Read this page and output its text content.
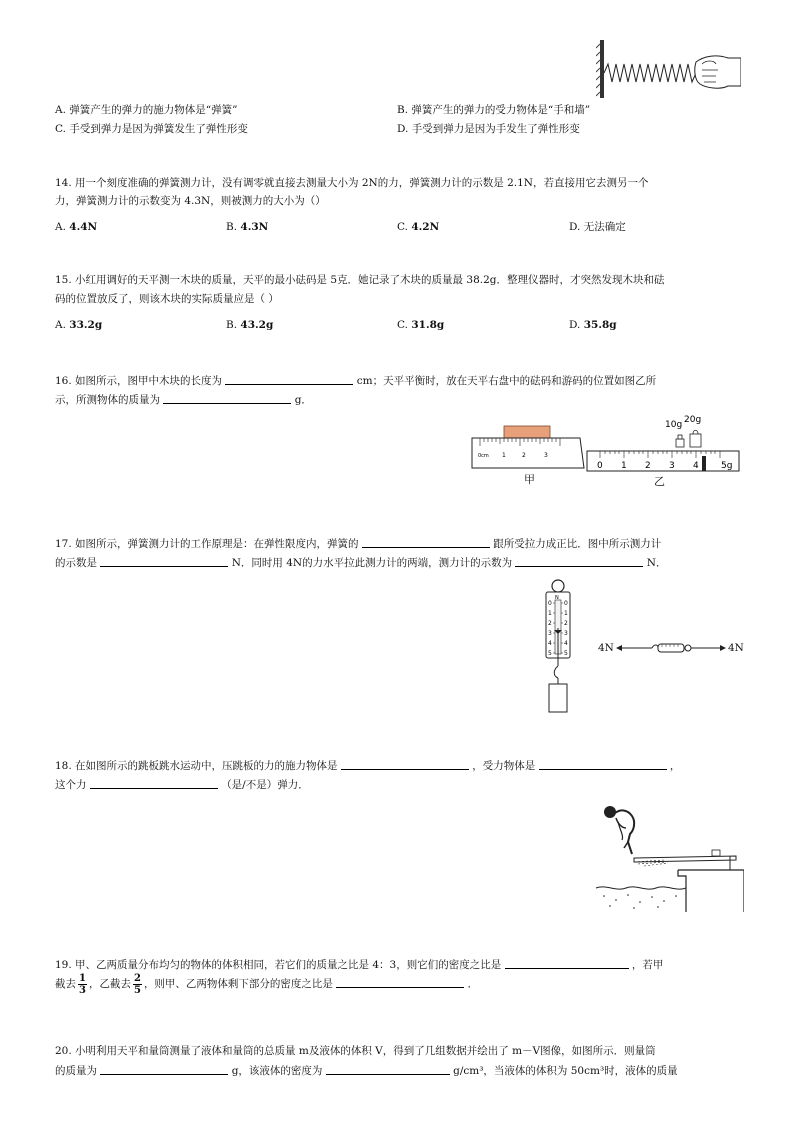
A. 弹簧产生的弹力的施力物体是“弹簧”	B. 弹簧产生的弹力的受力物体是“手和墙”
C. 手受到弹力是因为弹簧发生了弹性形变	D. 手受到弹力是因为手发生了弹性形变
14. 用一个刻度准确的弹簧测力计，没有调零就直接去测量大小为 2N的力，弹簧测力计的示数是 2.1N，若直接用它去测另一个
力，弹簧测力计的示数变为 4.3N，则被测力的大小为（）
A. 4.4N	B. 4.3N	C. 4.2N	D. 无法确定
15. 小红用调好的天平测一木块的质量，天平的最小砝码是 5克．她记录了木块的质量最 38.2g．整理仪器时，才突然发现木块和砝
码的位置放反了，则该木块的实际质量应是（ ）
A. 33.2g	B. 43.2g	C. 31.8g	D. 35.8g
16. 如图所示，图甲中木块的长度为	cm；天平平衡时，放在天平右盘中的砝码和游码的位置如图乙所
示，所测物体的质量为	g．
0cm 1	2	3
甲
10g 20g
0 1 2 3 4 5g
乙
17. 如图所示，弹簧测力计的工作原理是：在弹性限度内，弹簧的	跟所受拉力成正比．图中所示测力计
的示数是	N．同时用 4N的力水平拉此测力计的两端，测力计的示数为	N．
N
0
1
2
3
4
5
0
1
2
3
4
5	4N	4N
18. 在如图所示的跳板跳水运动中，压跳板的力的施力物体是	，受力物体是	，
这个力	（是/不是）弹力．
19. 甲、乙两质量分布均匀的物体的体积相同，若它们的质量之比是 4：3，则它们的密度之比是	，若甲
截去 $\frac{1}{3}$ ，乙截去 $\frac{2}{5}$ ，则甲、乙两物体剩下部分的密度之比是	．
20. 小明利用天平和量筒测量了液体和量筒的总质量 m及液体的体积 V，得到了几组数据并绘出了 m－V图像，如图所示．则量筒
的质量为	g，该液体的密度为	g/cm³，当液体的体积为 50cm³时，液体的质量
